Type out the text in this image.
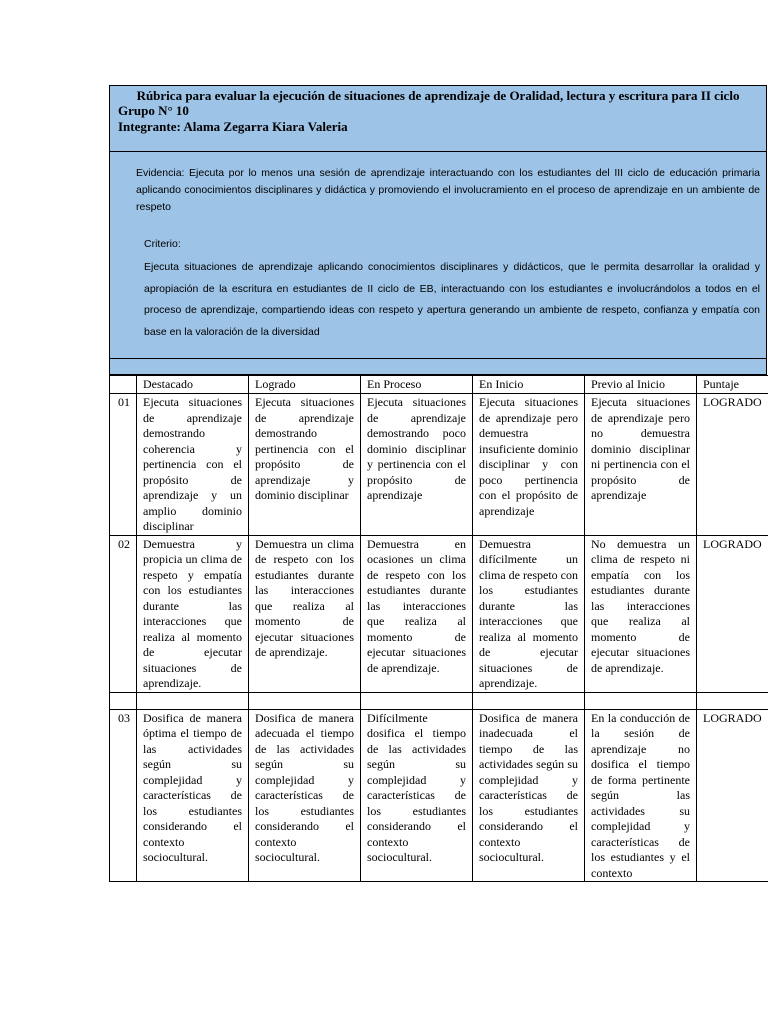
Rúbrica para evaluar la ejecución de situaciones de aprendizaje de Oralidad, lectura y escritura para II ciclo
Grupo N° 10
Integrante: Alama Zegarra Kiara Valeria
Evidencia: Ejecuta por lo menos una sesión de aprendizaje interactuando con los estudiantes del III ciclo de educación primaria aplicando conocimientos disciplinares y didáctica y promoviendo el involucramiento en el proceso de aprendizaje en un ambiente de respeto
Criterio:
Ejecuta situaciones de aprendizaje aplicando conocimientos disciplinares y didácticos, que le permita desarrollar la oralidad y apropiación de la escritura en estudiantes de II ciclo de EB, interactuando con los estudiantes e involucrándolos a todos en el proceso de aprendizaje, compartiendo ideas con respeto y apertura generando un ambiente de respeto, confianza y empatía con base en la valoración de la diversidad
	Destacado	Logrado	En Proceso	En Inicio	Previo al Inicio	Puntaje
01	Ejecuta situaciones de aprendizaje demostrando coherencia y pertinencia con el propósito de aprendizaje y un amplio dominio disciplinar	Ejecuta situaciones de aprendizaje demostrando pertinencia con el propósito de aprendizaje y dominio disciplinar	Ejecuta situaciones de aprendizaje demostrando poco dominio disciplinar y pertinencia con el propósito de aprendizaje	Ejecuta situaciones de aprendizaje pero demuestra insuficiente dominio disciplinar y con poco pertinencia con el propósito de aprendizaje	Ejecuta situaciones de aprendizaje pero no demuestra dominio disciplinar ni pertinencia con el propósito de aprendizaje	LOGRADO
02	Demuestra y propicia un clima de respeto y empatía con los estudiantes durante las interacciones que realiza al momento de ejecutar situaciones de aprendizaje.	Demuestra un clima de respeto con los estudiantes durante las interacciones que realiza al momento de ejecutar situaciones de aprendizaje.	Demuestra en ocasiones un clima de respeto con los estudiantes durante las interacciones que realiza al momento de ejecutar situaciones de aprendizaje.	Demuestra difícilmente un clima de respeto con los estudiantes durante las interacciones que realiza al momento de ejecutar situaciones de aprendizaje.	No demuestra un clima de respeto ni empatía con los estudiantes durante las interacciones que realiza al momento de ejecutar situaciones de aprendizaje.	LOGRADO

03	Dosifica de manera óptima el tiempo de las actividades según su complejidad y características de los estudiantes considerando el contexto sociocultural.	Dosifica de manera adecuada el tiempo de las actividades según su complejidad y características de los estudiantes considerando el contexto sociocultural.	Difícilmente dosifica el tiempo de las actividades según su complejidad y características de los estudiantes considerando el contexto sociocultural.	Dosifica de manera inadecuada el tiempo de las actividades según su complejidad y características de los estudiantes considerando el contexto sociocultural.	En la conducción de la sesión de aprendizaje no dosifica el tiempo de forma pertinente según las actividades su complejidad y características de los estudiantes y el contexto	LOGRADO
